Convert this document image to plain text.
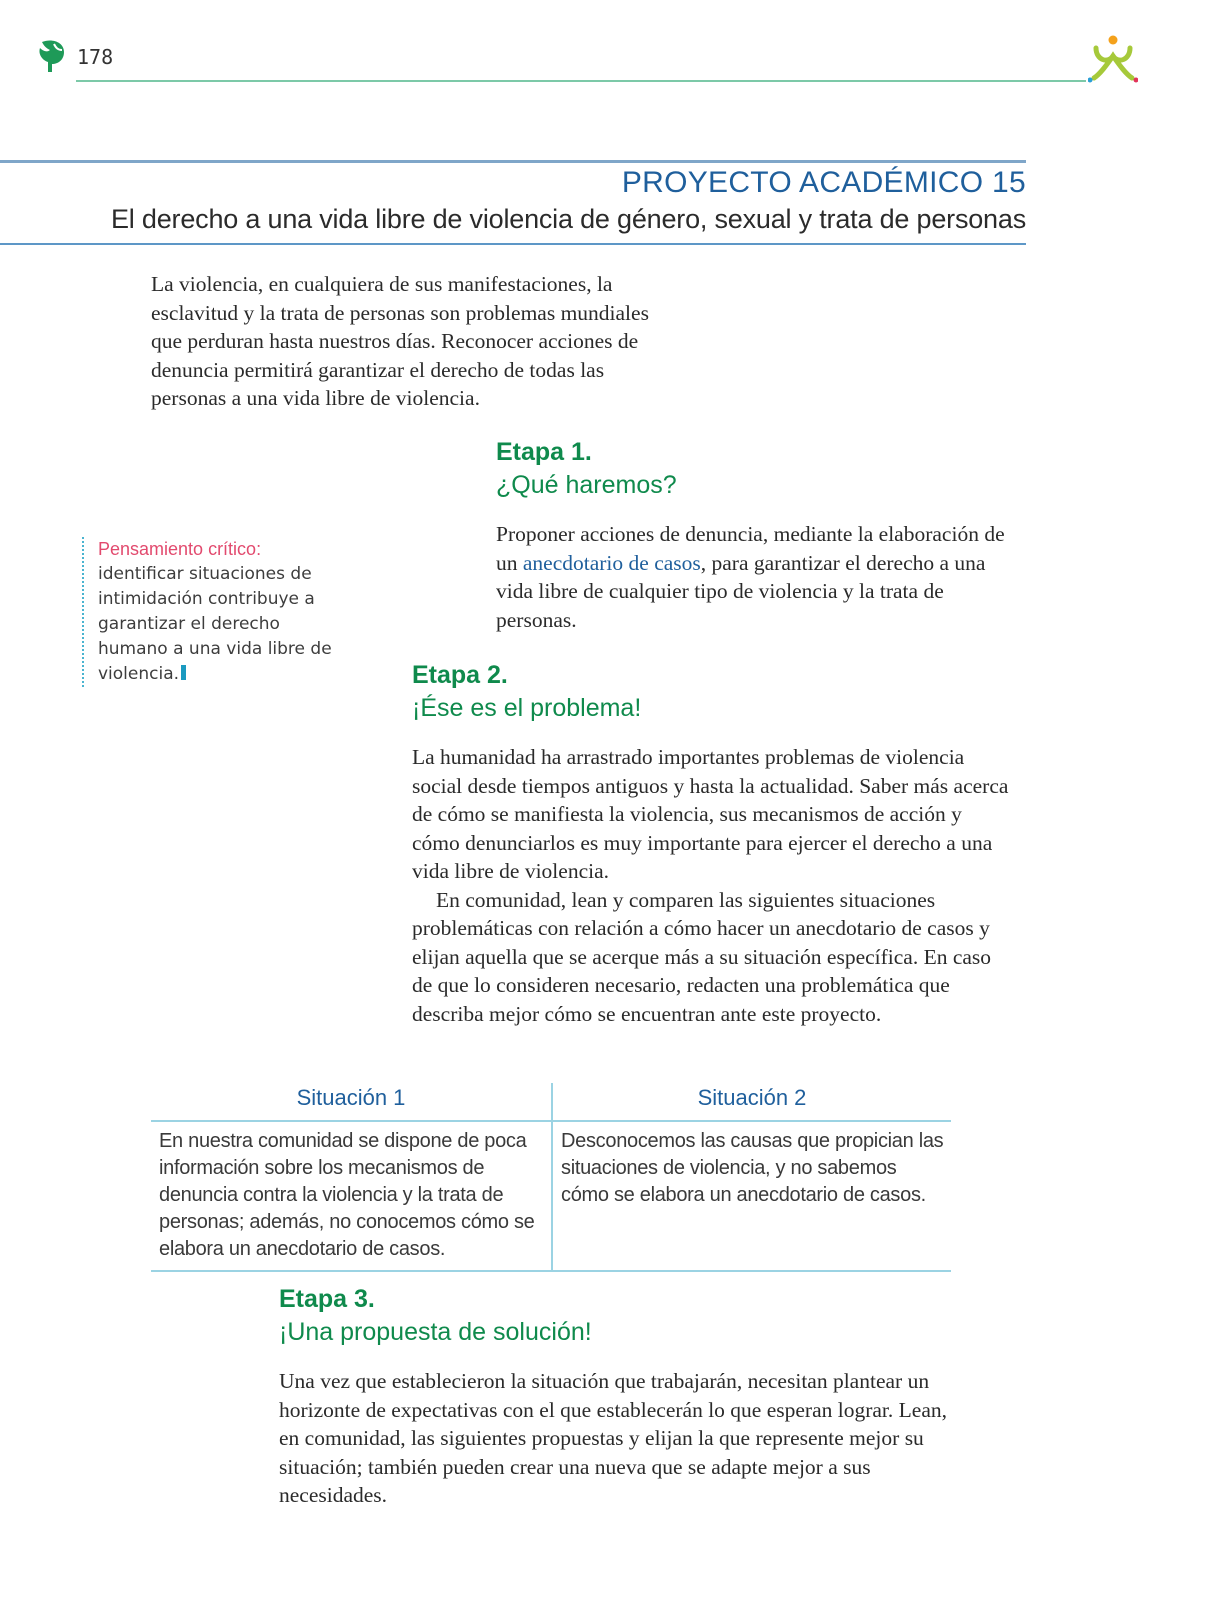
178
PROYECTO ACADÉMICO 15
El derecho a una vida libre de violencia de género, sexual y trata de personas

La violencia, en cualquiera de sus manifestaciones, la esclavitud y la trata de personas son problemas mundiales que perduran hasta nuestros días. Reconocer acciones de denuncia permitirá garantizar el derecho de todas las personas a una vida libre de violencia.

Etapa 1.
¿Qué haremos?

Proponer acciones de denuncia, mediante la elaboración de un anecdotario de casos, para garantizar el derecho a una vida libre de cualquier tipo de violencia y la trata de personas.

Pensamiento crítico:
identificar situaciones de intimidación contribuye a garantizar el derecho humano a una vida libre de violencia.	Etapa 2.
¡Ése es el problema!

La humanidad ha arrastrado importantes problemas de violencia social desde tiempos antiguos y hasta la actualidad. Saber más acerca de cómo se manifiesta la violencia, sus mecanismos de acción y cómo denunciarlos es muy importante para ejercer el derecho a una vida libre de violencia.

En comunidad, lean y comparen las siguientes situaciones problemáticas con relación a cómo hacer un anecdotario de casos y elijan aquella que se acerque más a su situación específica. En caso de que lo consideren necesario, redacten una problemática que describa mejor cómo se encuentran ante este proyecto.

Situación 1	Situación 2
En nuestra comunidad se dispone de poca información sobre los mecanismos de denuncia contra la violencia y la trata de personas; además, no conocemos cómo se elabora un anecdotario de casos.
Desconocemos las causas que propician las situaciones de violencia, y no sabemos cómo se elabora un anecdotario de casos.
Etapa 3.
¡Una propuesta de solución!

Una vez que establecieron la situación que trabajarán, necesitan plantear un horizonte de expectativas con el que establecerán lo que esperan lograr. Lean, en comunidad, las siguientes propuestas y elijan la que represente mejor su situación; también pueden crear una nueva que se adapte mejor a sus necesidades.
